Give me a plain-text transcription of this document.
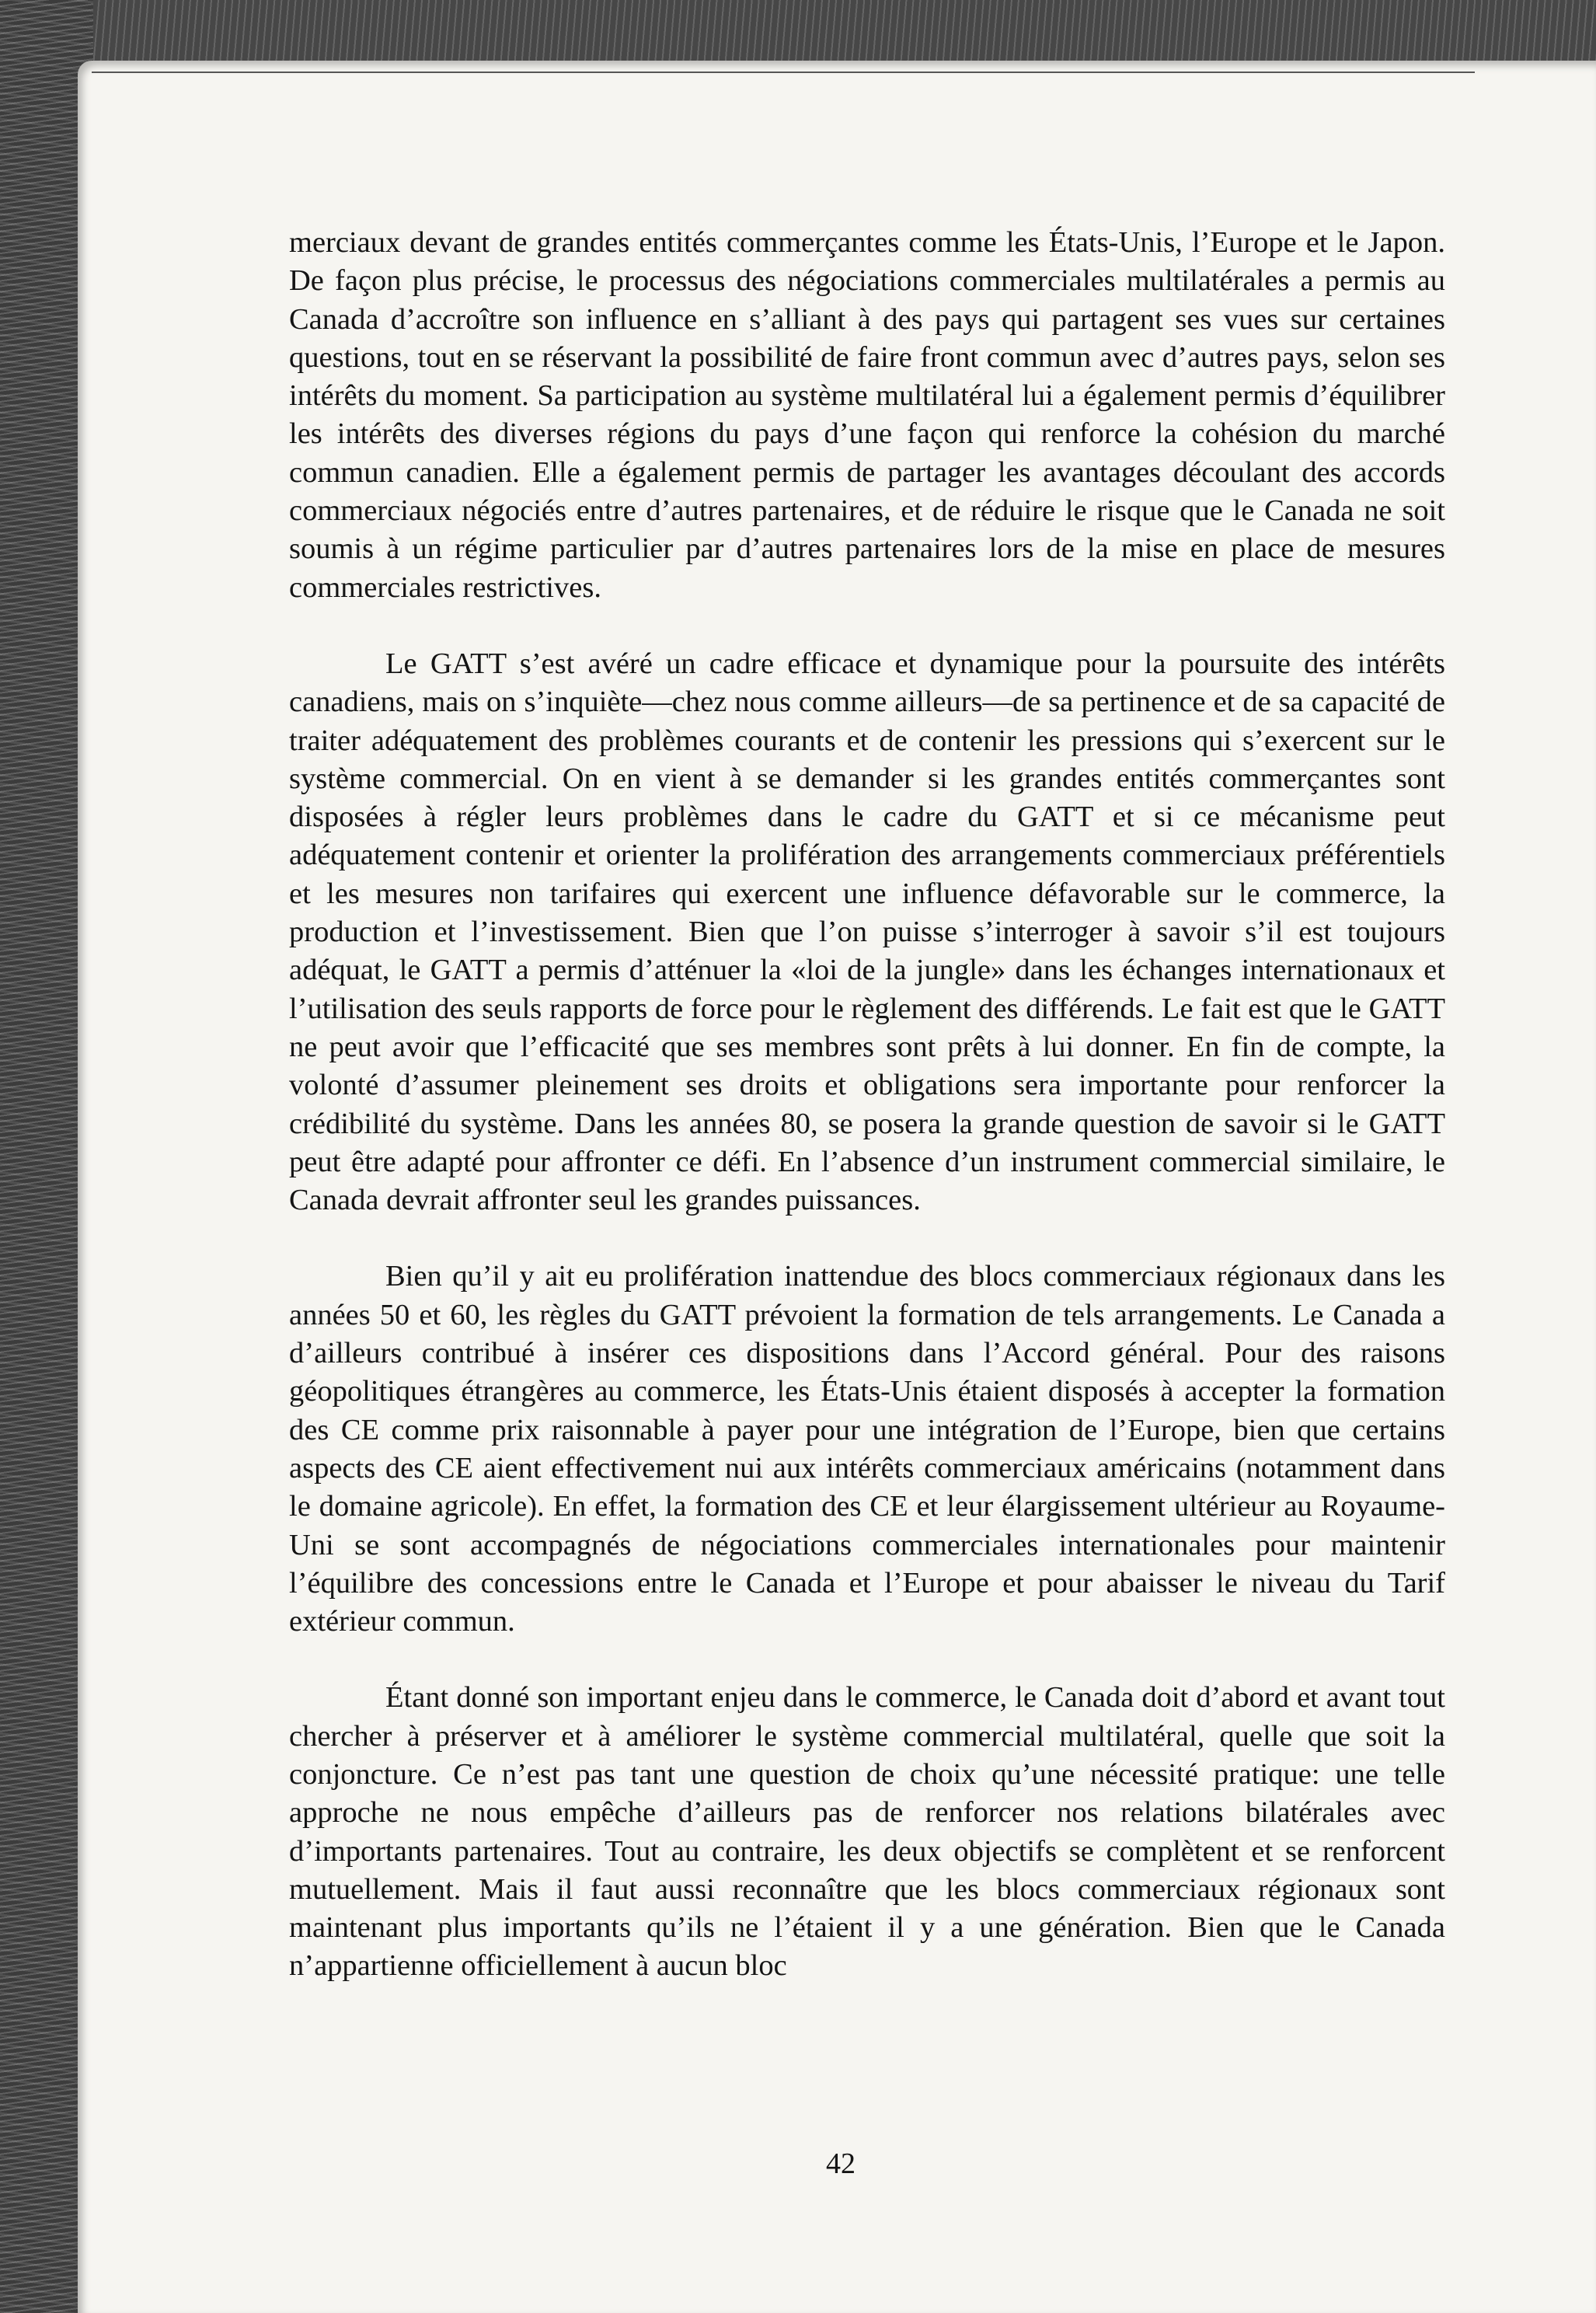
merciaux devant de grandes entités commerçantes comme les États-Unis, l’Europe et le Japon. De façon plus précise, le processus des négociations commerciales multilatérales a permis au Canada d’accroître son influence en s’alliant à des pays qui partagent ses vues sur certaines questions, tout en se réservant la possibilité de faire front commun avec d’autres pays, selon ses intérêts du moment. Sa participation au système multilatéral lui a également permis d’équilibrer les intérêts des diverses régions du pays d’une façon qui renforce la cohésion du marché commun canadien. Elle a également permis de partager les avantages découlant des accords commerciaux négociés entre d’autres partenaires, et de réduire le risque que le Canada ne soit soumis à un régime particulier par d’autres partenaires lors de la mise en place de mesures commerciales restrictives.

Le GATT s’est avéré un cadre efficace et dynamique pour la poursuite des intérêts canadiens, mais on s’inquiète—chez nous comme ailleurs—de sa pertinence et de sa capacité de traiter adéquatement des problèmes courants et de contenir les pressions qui s’exercent sur le système commercial. On en vient à se demander si les grandes entités commerçantes sont disposées à régler leurs problèmes dans le cadre du GATT et si ce mécanisme peut adéquatement contenir et orienter la prolifération des arrangements commerciaux préférentiels et les mesures non tarifaires qui exercent une influence défavorable sur le commerce, la production et l’investissement. Bien que l’on puisse s’interroger à savoir s’il est toujours adéquat, le GATT a permis d’atténuer la «loi de la jungle» dans les échanges internationaux et l’utilisation des seuls rapports de force pour le règlement des différends. Le fait est que le GATT ne peut avoir que l’efficacité que ses membres sont prêts à lui donner. En fin de compte, la volonté d’assumer pleinement ses droits et obligations sera importante pour renforcer la crédibilité du système. Dans les années 80, se posera la grande question de savoir si le GATT peut être adapté pour affronter ce défi. En l’absence d’un instrument commercial similaire, le Canada devrait affronter seul les grandes puissances.

Bien qu’il y ait eu prolifération inattendue des blocs commerciaux régionaux dans les années 50 et 60, les règles du GATT prévoient la formation de tels arrangements. Le Canada a d’ailleurs contribué à insérer ces dispositions dans l’Accord général. Pour des raisons géopolitiques étrangères au commerce, les États-Unis étaient disposés à accepter la formation des CE comme prix raisonnable à payer pour une intégration de l’Europe, bien que certains aspects des CE aient effectivement nui aux intérêts commerciaux américains (notamment dans le domaine agricole). En effet, la formation des CE et leur élargissement ultérieur au Royaume-Uni se sont accompagnés de négociations commerciales internationales pour maintenir l’équilibre des concessions entre le Canada et l’Europe et pour abaisser le niveau du Tarif extérieur commun.

Étant donné son important enjeu dans le commerce, le Canada doit d’abord et avant tout chercher à préserver et à améliorer le système commercial multilatéral, quelle que soit la conjoncture. Ce n’est pas tant une question de choix qu’une nécessité pratique: une telle approche ne nous empêche d’ailleurs pas de renforcer nos relations bilatérales avec d’importants partenaires. Tout au contraire, les deux objectifs se complètent et se renforcent mutuellement. Mais il faut aussi reconnaître que les blocs commerciaux régionaux sont maintenant plus importants qu’ils ne l’étaient il y a une génération. Bien que le Canada n’appartienne officiellement à aucun bloc

42
